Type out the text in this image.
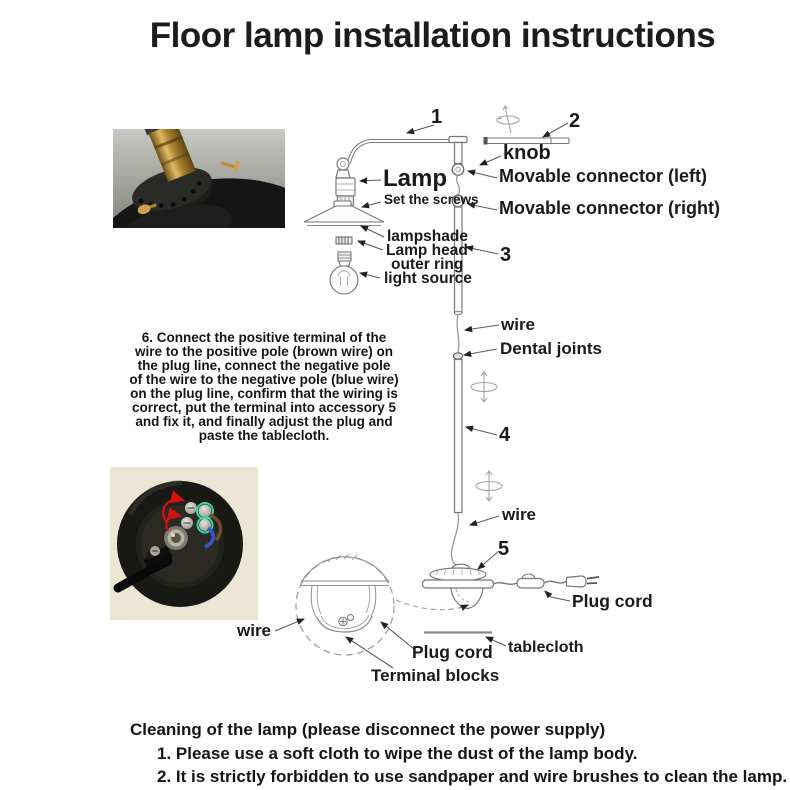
Floor lamp installation instructions
1	2
knob
Lamp	Movable connector (left)
Movable connector (right)
Set the screws
lampshade
Lamp head
outer ring
light source
3
wire
Dental joints
4
wire
5
Plug cord
tablecloth
wire
Plug cord
Terminal blocks
6. Connect the positive terminal of the
wire to the positive pole (brown wire) on
the plug line, connect the negative pole
of the wire to the negative pole (blue wire)
on the plug line, confirm that the wiring is
correct, put the terminal into accessory 5
and fix it, and finally adjust the plug and
paste the tablecloth.
Cleaning of the lamp (please disconnect the power supply)
1. Please use a soft cloth to wipe the dust of the lamp body.
2. It is strictly forbidden to use sandpaper and wire brushes to clean the lamp.
